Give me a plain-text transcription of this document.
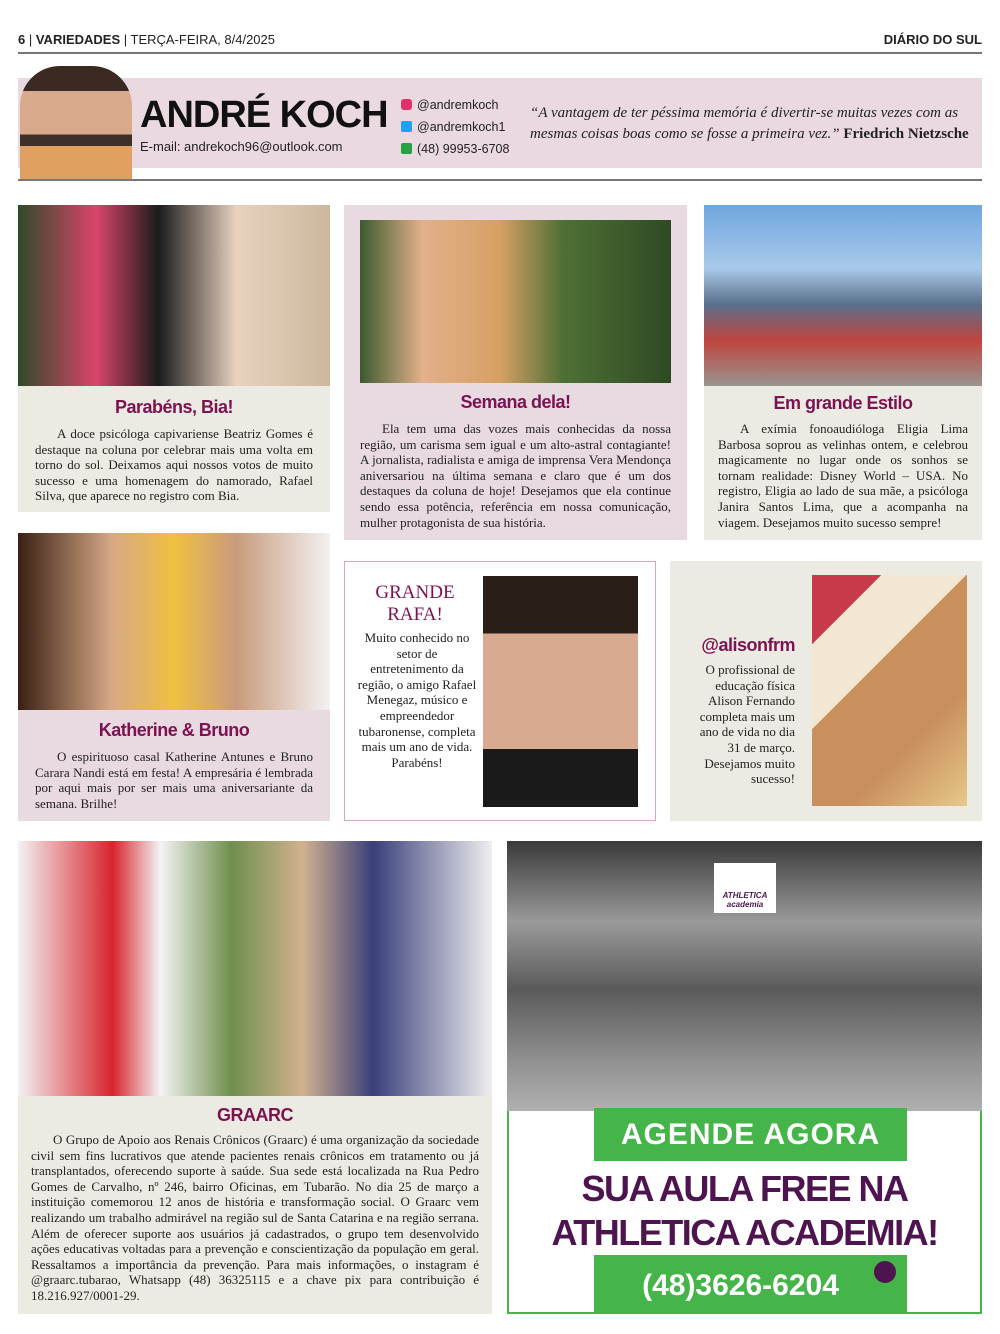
6 | VARIEDADES | TERÇA-FEIRA, 8/4/2025	DIÁRIO DO SUL
ANDRÉ KOCH
E-mail: andrekoch96@outlook.com
@andremkoch
@andremkoch1
(48) 99953-6708
“A vantagem de ter péssima memória é divertir-se muitas vezes com as mesmas coisas boas como se fosse a primeira vez.” Friedrich Nietzsche
Parabéns, Bia!
A doce psicóloga capivariense Beatriz Gomes é destaque na coluna por celebrar mais uma volta em torno do sol. Deixamos aqui nossos votos de muito sucesso e uma homenagem do namorado, Rafael Silva, que aparece no registro com Bia.
Semana dela!
Ela tem uma das vozes mais conhecidas da nossa região, um carisma sem igual e um alto-astral contagiante! A jornalista, radialista e amiga de imprensa Vera Mendonça aniversariou na última semana e claro que é um dos destaques da coluna de hoje! Desejamos que ela continue sendo essa potência, referência em nossa comunicação, mulher protagonista de sua história.
Em grande Estilo
A exímia fonoaudióloga Eligia Lima Barbosa soprou as velinhas ontem, e celebrou magicamente no lugar onde os sonhos se tornam realidade: Disney World – USA. No registro, Eligia ao lado de sua mãe, a psicóloga Janira Santos Lima, que a acompanha na viagem. Desejamos muito sucesso sempre!
Katherine & Bruno
O espirituoso casal Katherine Antunes e Bruno Carara Nandi está em festa! A empresária é lembrada por aqui mais por ser mais uma aniversariante da semana. Brilhe!
GRANDE RAFA!
Muito conhecido no setor de entretenimento da região, o amigo Rafael Menegaz, músico e empreendedor tubaronense, completa mais um ano de vida. Parabéns!
@alisonfrm
O profissional de educação física Alison Fernando completa mais um ano de vida no dia 31 de março. Desejamos muito sucesso!
GRAARC
O Grupo de Apoio aos Renais Crônicos (Graarc) é uma organização da sociedade civil sem fins lucrativos que atende pacientes renais crônicos em tratamento ou já transplantados, oferecendo suporte à saúde. Sua sede está localizada na Rua Pedro Gomes de Carvalho, nº 246, bairro Oficinas, em Tubarão. No dia 25 de março a instituição comemorou 12 anos de história e transformação social. O Graarc vem realizando um trabalho admirável na região sul de Santa Catarina e na região serrana. Além de oferecer suporte aos usuários já cadastrados, o grupo tem desenvolvido ações educativas voltadas para a prevenção e conscientização da população em geral. Ressaltamos a importância da prevenção. Para mais informações, o instagram é @graarc.tubarao, Whatsapp (48) 36325115 e a chave pix para contribuição é 18.216.927/0001-29.
ATHLETICA academia
AGENDE AGORA
SUA AULA FREE NA
ATHLETICA ACADEMIA!
(48)3626-6204
